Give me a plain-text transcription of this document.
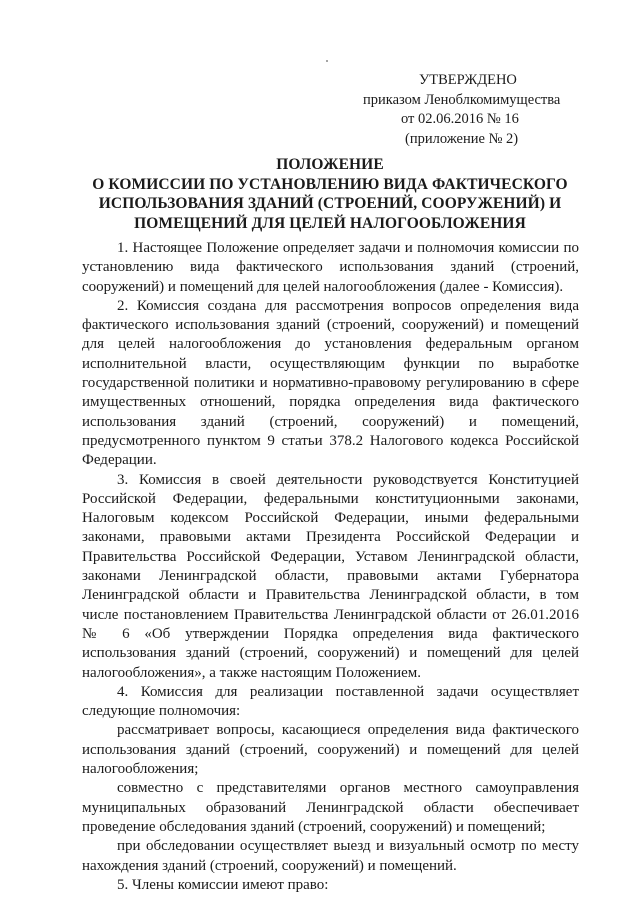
УТВЕРЖДЕНО
приказом Леноблкомимущества
от 02.06.2016 № 16
(приложение № 2)
ПОЛОЖЕНИЕ
О КОМИССИИ ПО УСТАНОВЛЕНИЮ ВИДА ФАКТИЧЕСКОГО
ИСПОЛЬЗОВАНИЯ ЗДАНИЙ (СТРОЕНИЙ, СООРУЖЕНИЙ) И
ПОМЕЩЕНИЙ ДЛЯ ЦЕЛЕЙ НАЛОГООБЛОЖЕНИЯ

1. Настоящее Положение определяет задачи и полномочия комиссии по установлению вида фактического использования зданий (строений, сооружений) и помещений для целей налогообложения (далее - Комиссия).

2. Комиссия создана для рассмотрения вопросов определения вида фактического использования зданий (строений, сооружений) и помещений для целей налогообложения до установления федеральным органом исполнительной власти, осуществляющим функции по выработке государственной политики и нормативно-правовому регулированию в сфере имущественных отношений, порядка определения вида фактического использования зданий (строений, сооружений) и помещений, предусмотренного пунктом 9 статьи 378.2 Налогового кодекса Российской Федерации.

3. Комиссия в своей деятельности руководствуется Конституцией Российской Федерации, федеральными конституционными законами, Налоговым кодексом Российской Федерации, иными федеральными законами, правовыми актами Президента Российской Федерации и Правительства Российской Федерации, Уставом Ленинградской области, законами Ленинградской области, правовыми актами Губернатора Ленинградской области и Правительства Ленинградской области, в том числе постановлением Правительства Ленинградской области от 26.01.2016 № 6 «Об утверждении Порядка определения вида фактического использования зданий (строений, сооружений) и помещений для целей налогообложения», а также настоящим Положением.

4. Комиссия для реализации поставленной задачи осуществляет следующие полномочия:

рассматривает вопросы, касающиеся определения вида фактического использования зданий (строений, сооружений) и помещений для целей налогообложения;

совместно с представителями органов местного самоуправления муниципальных образований Ленинградской области обеспечивает проведение обследования зданий (строений, сооружений) и помещений;

при обследовании осуществляет выезд и визуальный осмотр по месту нахождения зданий (строений, сооружений) и помещений.

5. Члены комиссии имеют право:
